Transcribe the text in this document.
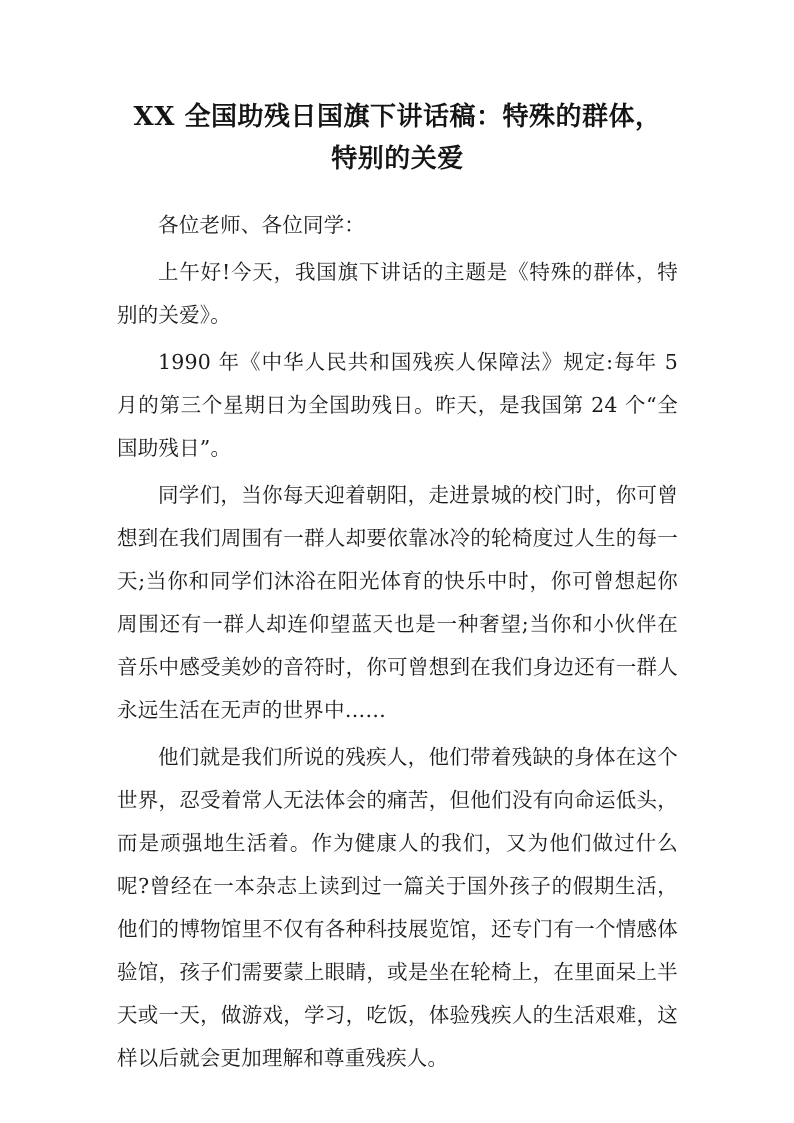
XX 全国助残日国旗下讲话稿：特殊的群体，特别的关爱

各位老师、各位同学：

上午好!今天，我国旗下讲话的主题是《特殊的群体，特别的关爱》。

1990 年《中华人民共和国残疾人保障法》规定:每年 5 月的第三个星期日为全国助残日。昨天，是我国第 24 个“全国助残日”。

同学们，当你每天迎着朝阳，走进景城的校门时，你可曾想到在我们周围有一群人却要依靠冰冷的轮椅度过人生的每一天;当你和同学们沐浴在阳光体育的快乐中时，你可曾想起你周围还有一群人却连仰望蓝天也是一种奢望;当你和小伙伴在音乐中感受美妙的音符时，你可曾想到在我们身边还有一群人永远生活在无声的世界中……

他们就是我们所说的残疾人，他们带着残缺的身体在这个世界，忍受着常人无法体会的痛苦，但他们没有向命运低头，而是顽强地生活着。作为健康人的我们，又为他们做过什么呢?曾经在一本杂志上读到过一篇关于国外孩子的假期生活，他们的博物馆里不仅有各种科技展览馆，还专门有一个情感体验馆，孩子们需要蒙上眼睛，或是坐在轮椅上，在里面呆上半天或一天，做游戏，学习，吃饭，体验残疾人的生活艰难，这样以后就会更加理解和尊重残疾人。
